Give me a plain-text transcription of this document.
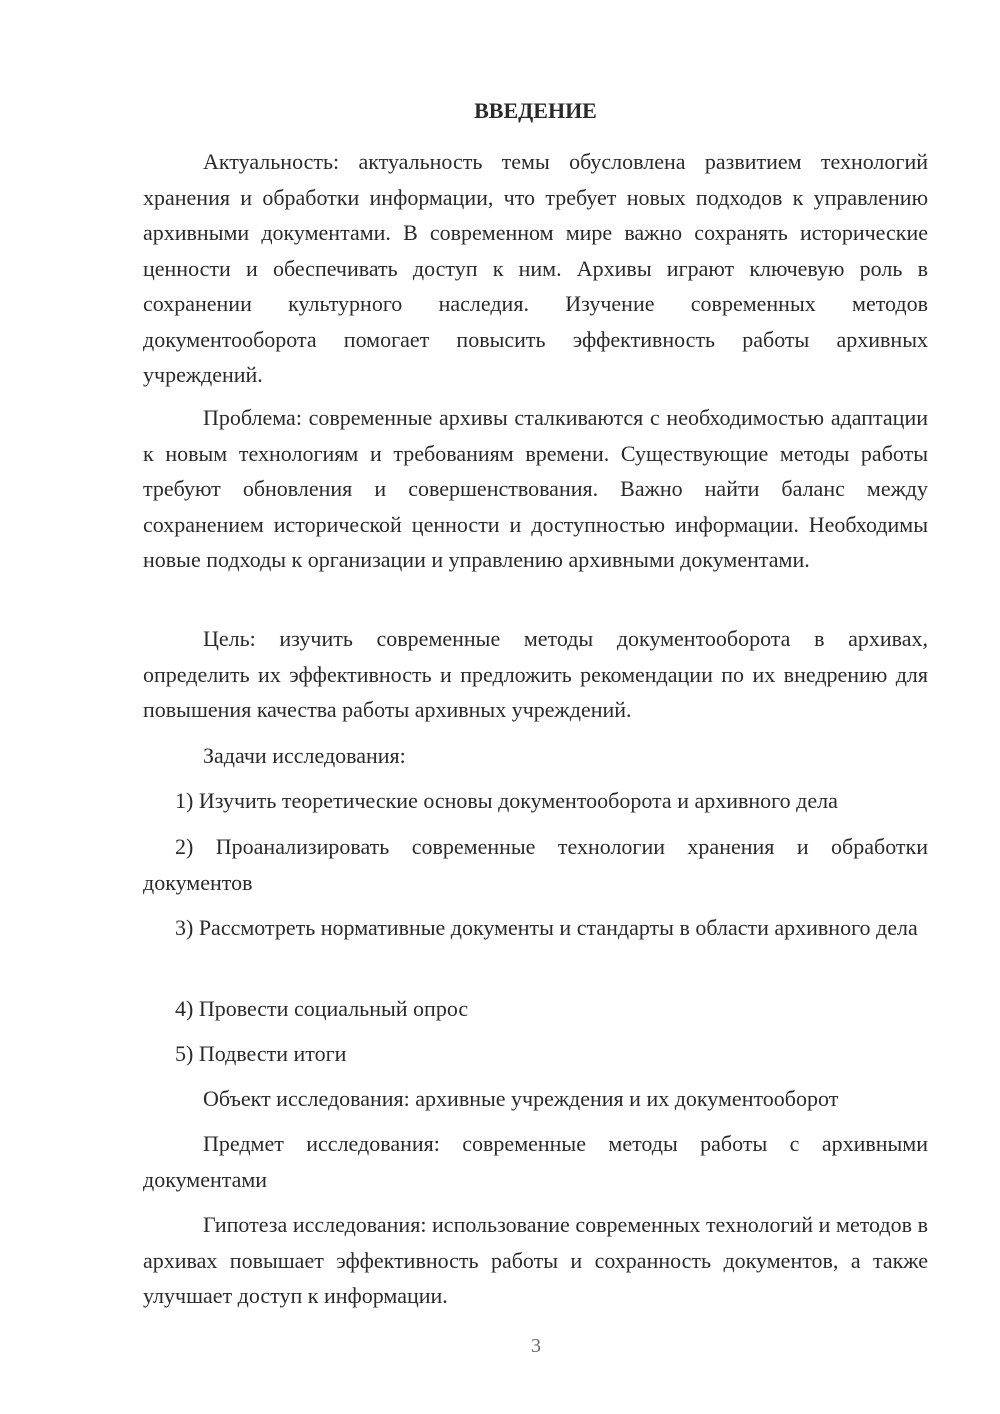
ВВЕДЕНИЕ

Актуальность: актуальность темы обусловлена развитием технологий хранения и обработки информации, что требует новых подходов к управлению архивными документами. В современном мире важно сохранять исторические ценности и обеспечивать доступ к ним. Архивы играют ключевую роль в сохранении культурного наследия. Изучение современных методов документооборота помогает повысить эффективность работы архивных учреждений.

Проблема: современные архивы сталкиваются с необходимостью адаптации к новым технологиям и требованиям времени. Существующие методы работы требуют обновления и совершенствования. Важно найти баланс между сохранением исторической ценности и доступностью информации. Необходимы новые подходы к организации и управлению архивными документами.

Цель: изучить современные методы документооборота в архивах, определить их эффективность и предложить рекомендации по их внедрению для повышения качества работы архивных учреждений.

Задачи исследования:

1) Изучить теоретические основы документооборота и архивного дела

2) Проанализировать современные технологии хранения и обработки документов

3) Рассмотреть нормативные документы и стандарты в области архивного дела

4) Провести социальный опрос

5) Подвести итоги

Объект исследования: архивные учреждения и их документооборот

Предмет исследования: современные методы работы с архивными документами

Гипотеза исследования: использование современных технологий и методов в архивах повышает эффективность работы и сохранность документов, а также улучшает доступ к информации.

3
